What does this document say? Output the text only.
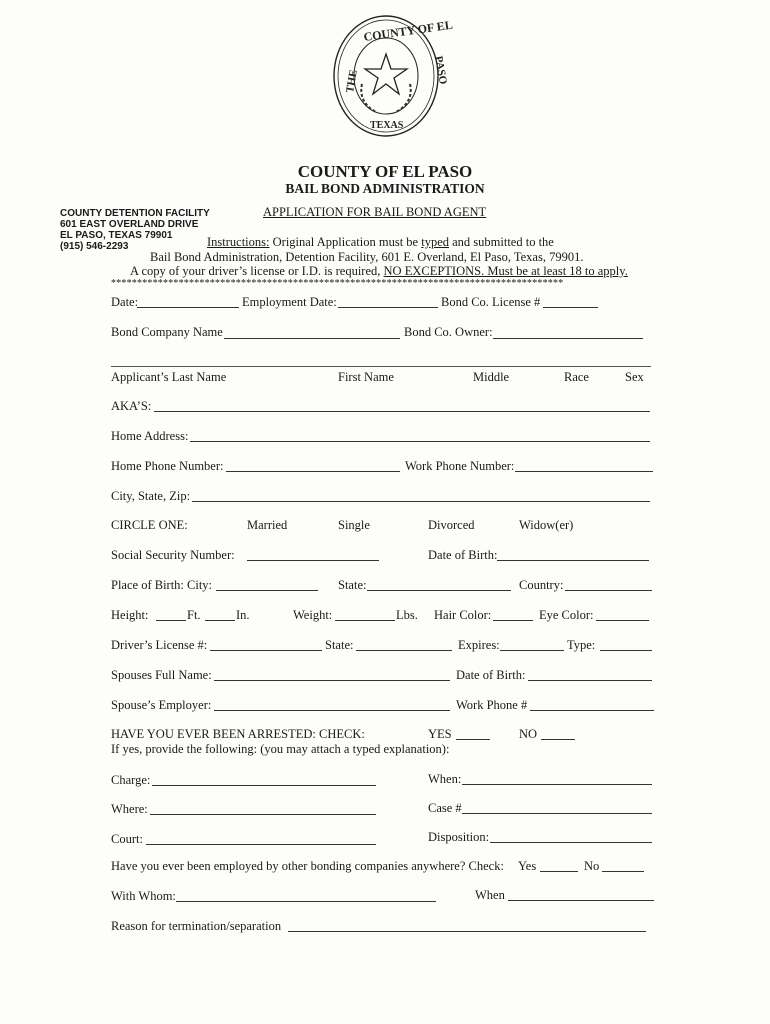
COUNTY OF EL
THE	PASO
TEXAS
COUNTY OF EL PASO
BAIL BOND ADMINISTRATION
COUNTY DETENTION FACILITY
601 EAST OVERLAND DRIVE
EL PASO, TEXAS 79901
(915) 546-2293
APPLICATION FOR BAIL BOND AGENT
Instructions: Original Application must be typed and submitted to the
Bail Bond Administration, Detention Facility, 601 E. Overland, El Paso, Texas, 79901.
A copy of your driver’s license or I.D. is required, NO EXCEPTIONS. Must be at least 18 to apply.
***************************************************************************************
Date:	Employment Date:	Bond Co. License #
Bond Company Name	Bond Co. Owner:
Applicant’s Last Name	First Name	Middle	Race	Sex
AKA’S:
Home Address:
Home Phone Number:	Work Phone Number:
City, State, Zip:
CIRCLE ONE:	Married	Single	Divorced	Widow(er)
Social Security Number:	Date of Birth:
Place of Birth: City:	State:	Country:
Height:	Ft.	In.	Weight:	Lbs. Hair Color:	Eye Color:
Driver’s License #:	State:	Expires:	Type:
Spouses Full Name:	Date of Birth:
Spouse’s Employer:	Work Phone #
HAVE YOU EVER BEEN ARRESTED: CHECK:	YES	NO
If yes, provide the following: (you may attach a typed explanation):
Charge:	When:
Where:	Case #
Court:	Disposition:
Have you ever been employed by other bonding companies anywhere? Check: Yes	No
With Whom:	When
Reason for termination/separation
